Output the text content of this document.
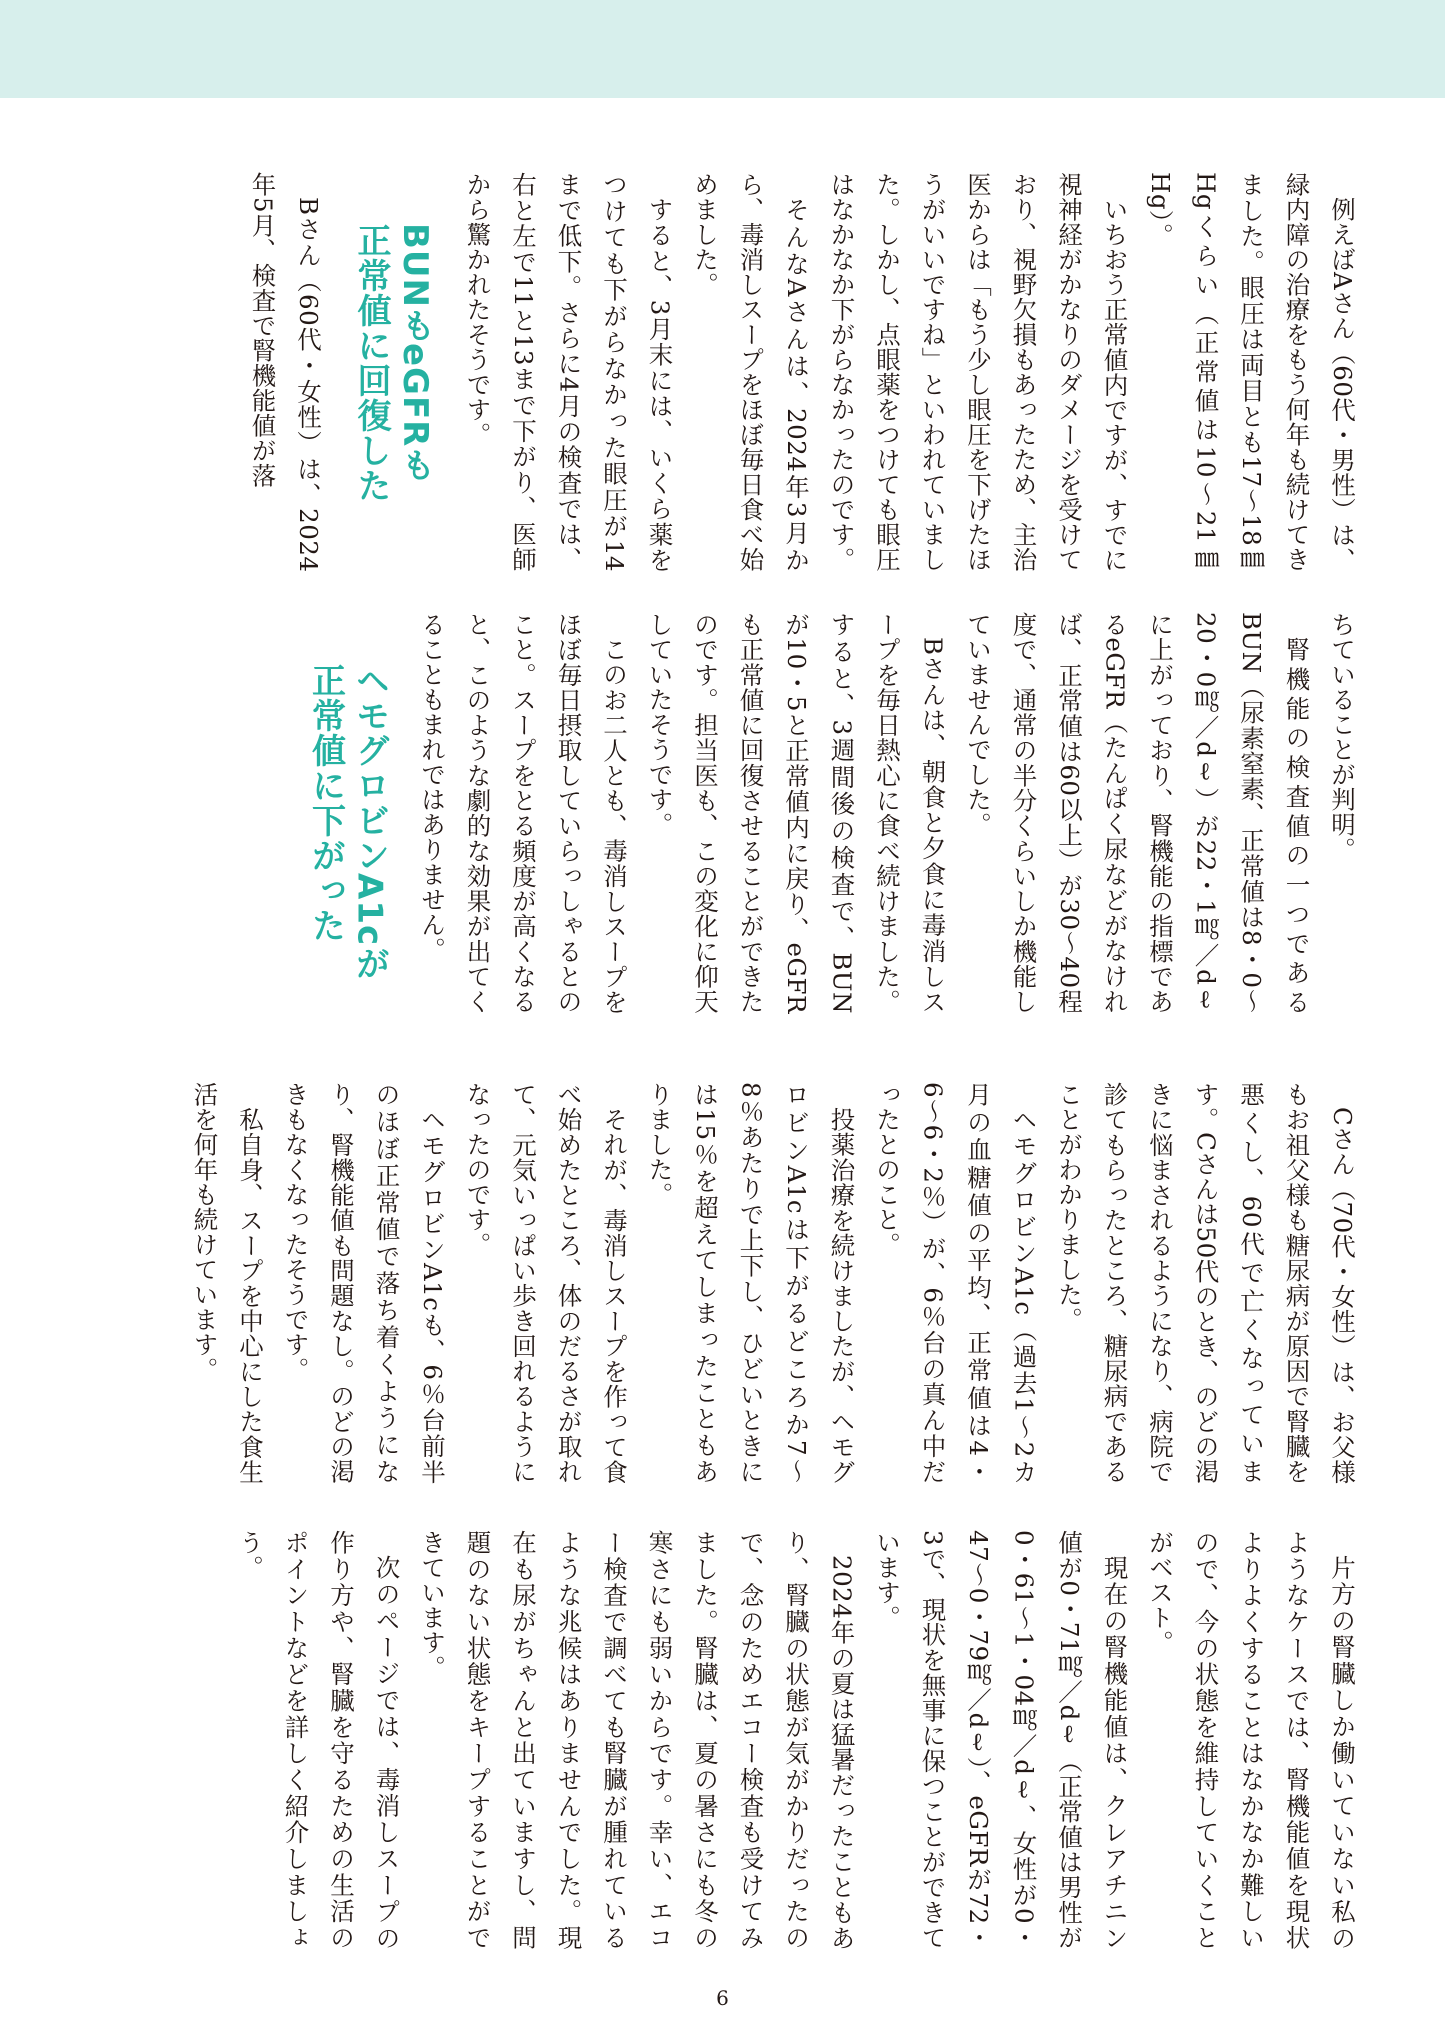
例えばAさん（60代・男性）は、緑内障の治療をもう何年も続けてきました。眼圧は両目とも17〜18㎜Hgくらい（正常値は10〜21㎜Hg）。

いちおう正常値内ですが、すでに視神経がかなりのダメージを受けており、視野欠損もあったため、主治医からは「もう少し眼圧を下げたほうがいいですね」といわれていました。しかし、点眼薬をつけても眼圧はなかなか下がらなかったのです。

そんなAさんは、2024年3月から、毒消しスープをほぼ毎日食べ始めました。

すると、3月末には、いくら薬をつけても下がらなかった眼圧が14まで低下。さらに4月の検査では、右と左で11と13まで下がり、医師から驚かれたそうです。

BUNもeGFRも
正常値に回復した

Bさん（60代・女性）は、2024年5月、検査で腎機能値が落

ちていることが判明。

腎機能の検査値の一つであるBUN（尿素窒素、正常値は8・0〜20・0㎎／dℓ）が22・1㎎／dℓに上がっており、腎機能の指標であるeGFR（たんぱく尿などがなければ、正常値は60以上）が30〜40程度で、通常の半分くらいしか機能していませんでした。

Bさんは、朝食と夕食に毒消しスープを毎日熱心に食べ続けました。すると、3週間後の検査で、BUNが10・5と正常値内に戻り、eGFRも正常値に回復させることができたのです。担当医も、この変化に仰天していたそうです。

このお二人とも、毒消しスープをほぼ毎日摂取していらっしゃるとのこと。スープをとる頻度が高くなると、このような劇的な効果が出てくることもまれではありません。

ヘモグロビンA1cが
正常値に下がった

Cさん（70代・女性）は、お父様もお祖父様も糖尿病が原因で腎臓を悪くし、60代で亡くなっています。Cさんは50代のとき、のどの渇きに悩まされるようになり、病院で診てもらったところ、糖尿病であることがわかりました。

ヘモグロビンA1c（過去1〜2カ月の血糖値の平均、正常値は4・6〜6・2％）が、6％台の真ん中だったとのこと。

投薬治療を続けましたが、ヘモグロビンA1cは下がるどころか7〜8％あたりで上下し、ひどいときには15％を超えてしまったこともありました。

それが、毒消しスープを作って食べ始めたところ、体のだるさが取れて、元気いっぱい歩き回れるようになったのです。

ヘモグロビンA1cも、6％台前半のほぼ正常値で落ち着くようになり、腎機能値も問題なし。のどの渇きもなくなったそうです。

私自身、スープを中心にした食生活を何年も続けています。

片方の腎臓しか働いていない私のようなケースでは、腎機能値を現状よりよくすることはなかなか難しいので、今の状態を維持していくことがベスト。

現在の腎機能値は、クレアチニン値が0・71㎎／dℓ（正常値は男性が0・61〜1・04㎎／dℓ、女性が0・47〜0・79㎎／dℓ）、eGFRが72・3で、現状を無事に保つことができています。

2024年の夏は猛暑だったこともあり、腎臓の状態が気がかりだったので、念のためエコー検査も受けてみました。腎臓は、夏の暑さにも冬の寒さにも弱いからです。幸い、エコー検査で調べても腎臓が腫れているような兆候はありませんでした。現在も尿がちゃんと出ていますし、問題のない状態をキープすることができています。

次のページでは、毒消しスープの作り方や、腎臓を守るための生活のポイントなどを詳しく紹介しましょう。

6
